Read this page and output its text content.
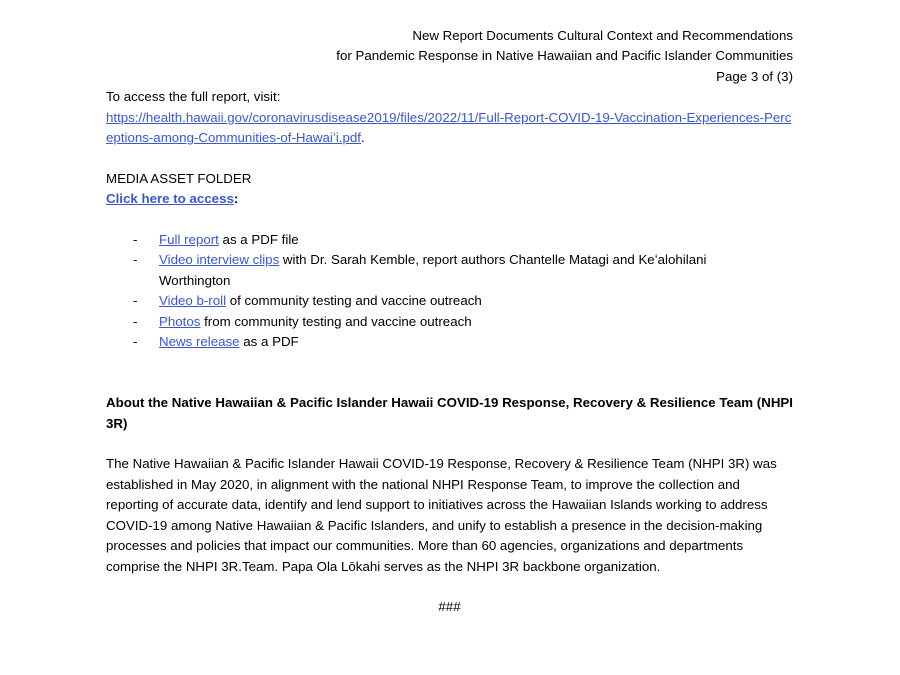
New Report Documents Cultural Context and Recommendations
for Pandemic Response in Native Hawaiian and Pacific Islander Communities
Page 3 of (3)

To access the full report, visit:

https://health.hawaii.gov/coronavirusdisease2019/files/2022/11/Full-Report-COVID-19-Vaccination-Experiences-Perceptions-among-Communities-of-Hawaiʻi.pdf.

MEDIA ASSET FOLDER

Click here to access:

- Full report as a PDF file
- Video interview clips with Dr. Sarah Kemble, report authors Chantelle Matagi and Keʻalohilani Worthington
- Video b-roll of community testing and vaccine outreach
- Photos from community testing and vaccine outreach
- News release as a PDF

About the Native Hawaiian & Pacific Islander Hawaii COVID-19 Response, Recovery & Resilience Team (NHPI 3R)

The Native Hawaiian & Pacific Islander Hawaii COVID-19 Response, Recovery & Resilience Team (NHPI 3R) was established in May 2020, in alignment with the national NHPI Response Team, to improve the collection and reporting of accurate data, identify and lend support to initiatives across the Hawaiian Islands working to address COVID-19 among Native Hawaiian & Pacific Islanders, and unify to establish a presence in the decision-making processes and policies that impact our communities. More than 60 agencies, organizations and departments comprise the NHPI 3R.Team. Papa Ola Lōkahi serves as the NHPI 3R backbone organization.

###
